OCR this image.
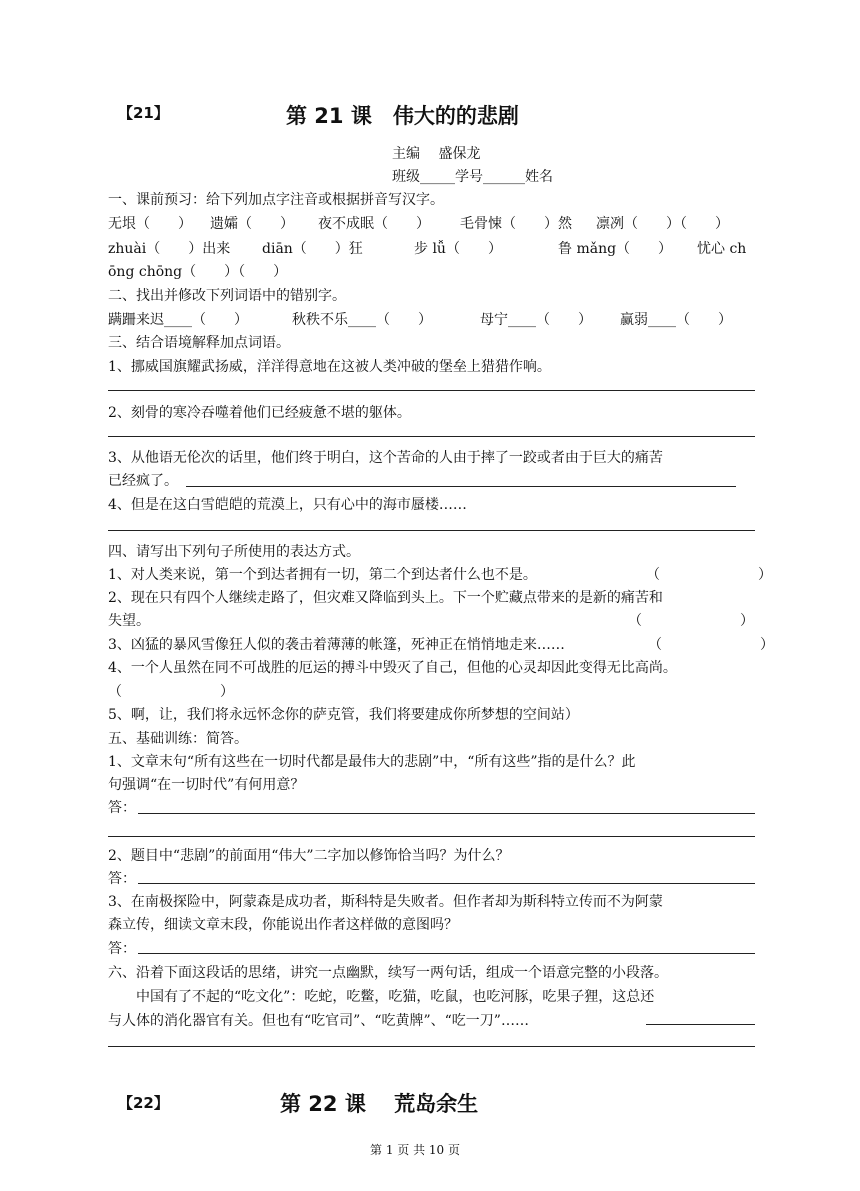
【21】	第 21 课　伟大的的悲剧
主编　 盛保龙
班级_____学号______姓名
一、课前预习：给下列加点字注音或根据拼音写汉字。
无垠（　　） 遗孀（　　） 夜不成眠（　　） 毛骨悚（　　）然 凛冽（　　）（　　）
zhuài（　　）出来 diān（　　）狂	步 lǚ（　　）	鲁 mǎng（　　） 忧心 ch
ōng chōng（　　）（　　）
二、找出并修改下列词语中的错别字。
蹒跚来迟____（　　）	秋秩不乐____（　　）	母宁____（　　） 赢弱____（　　）
三、结合语境解释加点词语。
1、挪威国旗耀武扬威，洋洋得意地在这被人类冲破的堡垒上猎猎作响。
2、刻骨的寒冷吞噬着他们已经疲惫不堪的躯体。
3、从他语无伦次的话里，他们终于明白，这个苦命的人由于摔了一跤或者由于巨大的痛苦
已经疯了。
4、但是在这白雪皑皑的荒漠上，只有心中的海市蜃楼……
四、请写出下列句子所使用的表达方式。
1、对人类来说，第一个到达者拥有一切，第二个到达者什么也不是。	（　　　　　　　）
2、现在只有四个人继续走路了，但灾难又降临到头上。下一个贮藏点带来的是新的痛苦和
失望。	（　　　　　　　）
3、凶猛的暴风雪像狂人似的袭击着薄薄的帐篷，死神正在悄悄地走来……	（　　　　　　　）
4、一个人虽然在同不可战胜的厄运的搏斗中毁灭了自己，但他的心灵却因此变得无比高尚。
（　　　　　　　）
5、啊，让，我们将永远怀念你的萨克管，我们将要建成你所梦想的空间站）
五、基础训练：简答。
1、文章末句“所有这些在一切时代都是最伟大的悲剧”中，“所有这些”指的是什么？此
句强调“在一切时代”有何用意？
答：
2、题目中“悲剧”的前面用“伟大”二字加以修饰恰当吗？为什么？
答：
3、在南极探险中，阿蒙森是成功者，斯科特是失败者。但作者却为斯科特立传而不为阿蒙
森立传，细读文章末段，你能说出作者这样做的意图吗？
答：
六、沿着下面这段话的思绪，讲究一点幽默，续写一两句话，组成一个语意完整的小段落。
　　中国有了不起的“吃文化”：吃蛇，吃鳖，吃猫，吃鼠，也吃河豚，吃果子狸，这总还
与人体的消化器官有关。但也有“吃官司”、“吃黄牌”、“吃一刀”……
【22】	第 22 课　 荒岛余生
第 1 页 共 10 页
